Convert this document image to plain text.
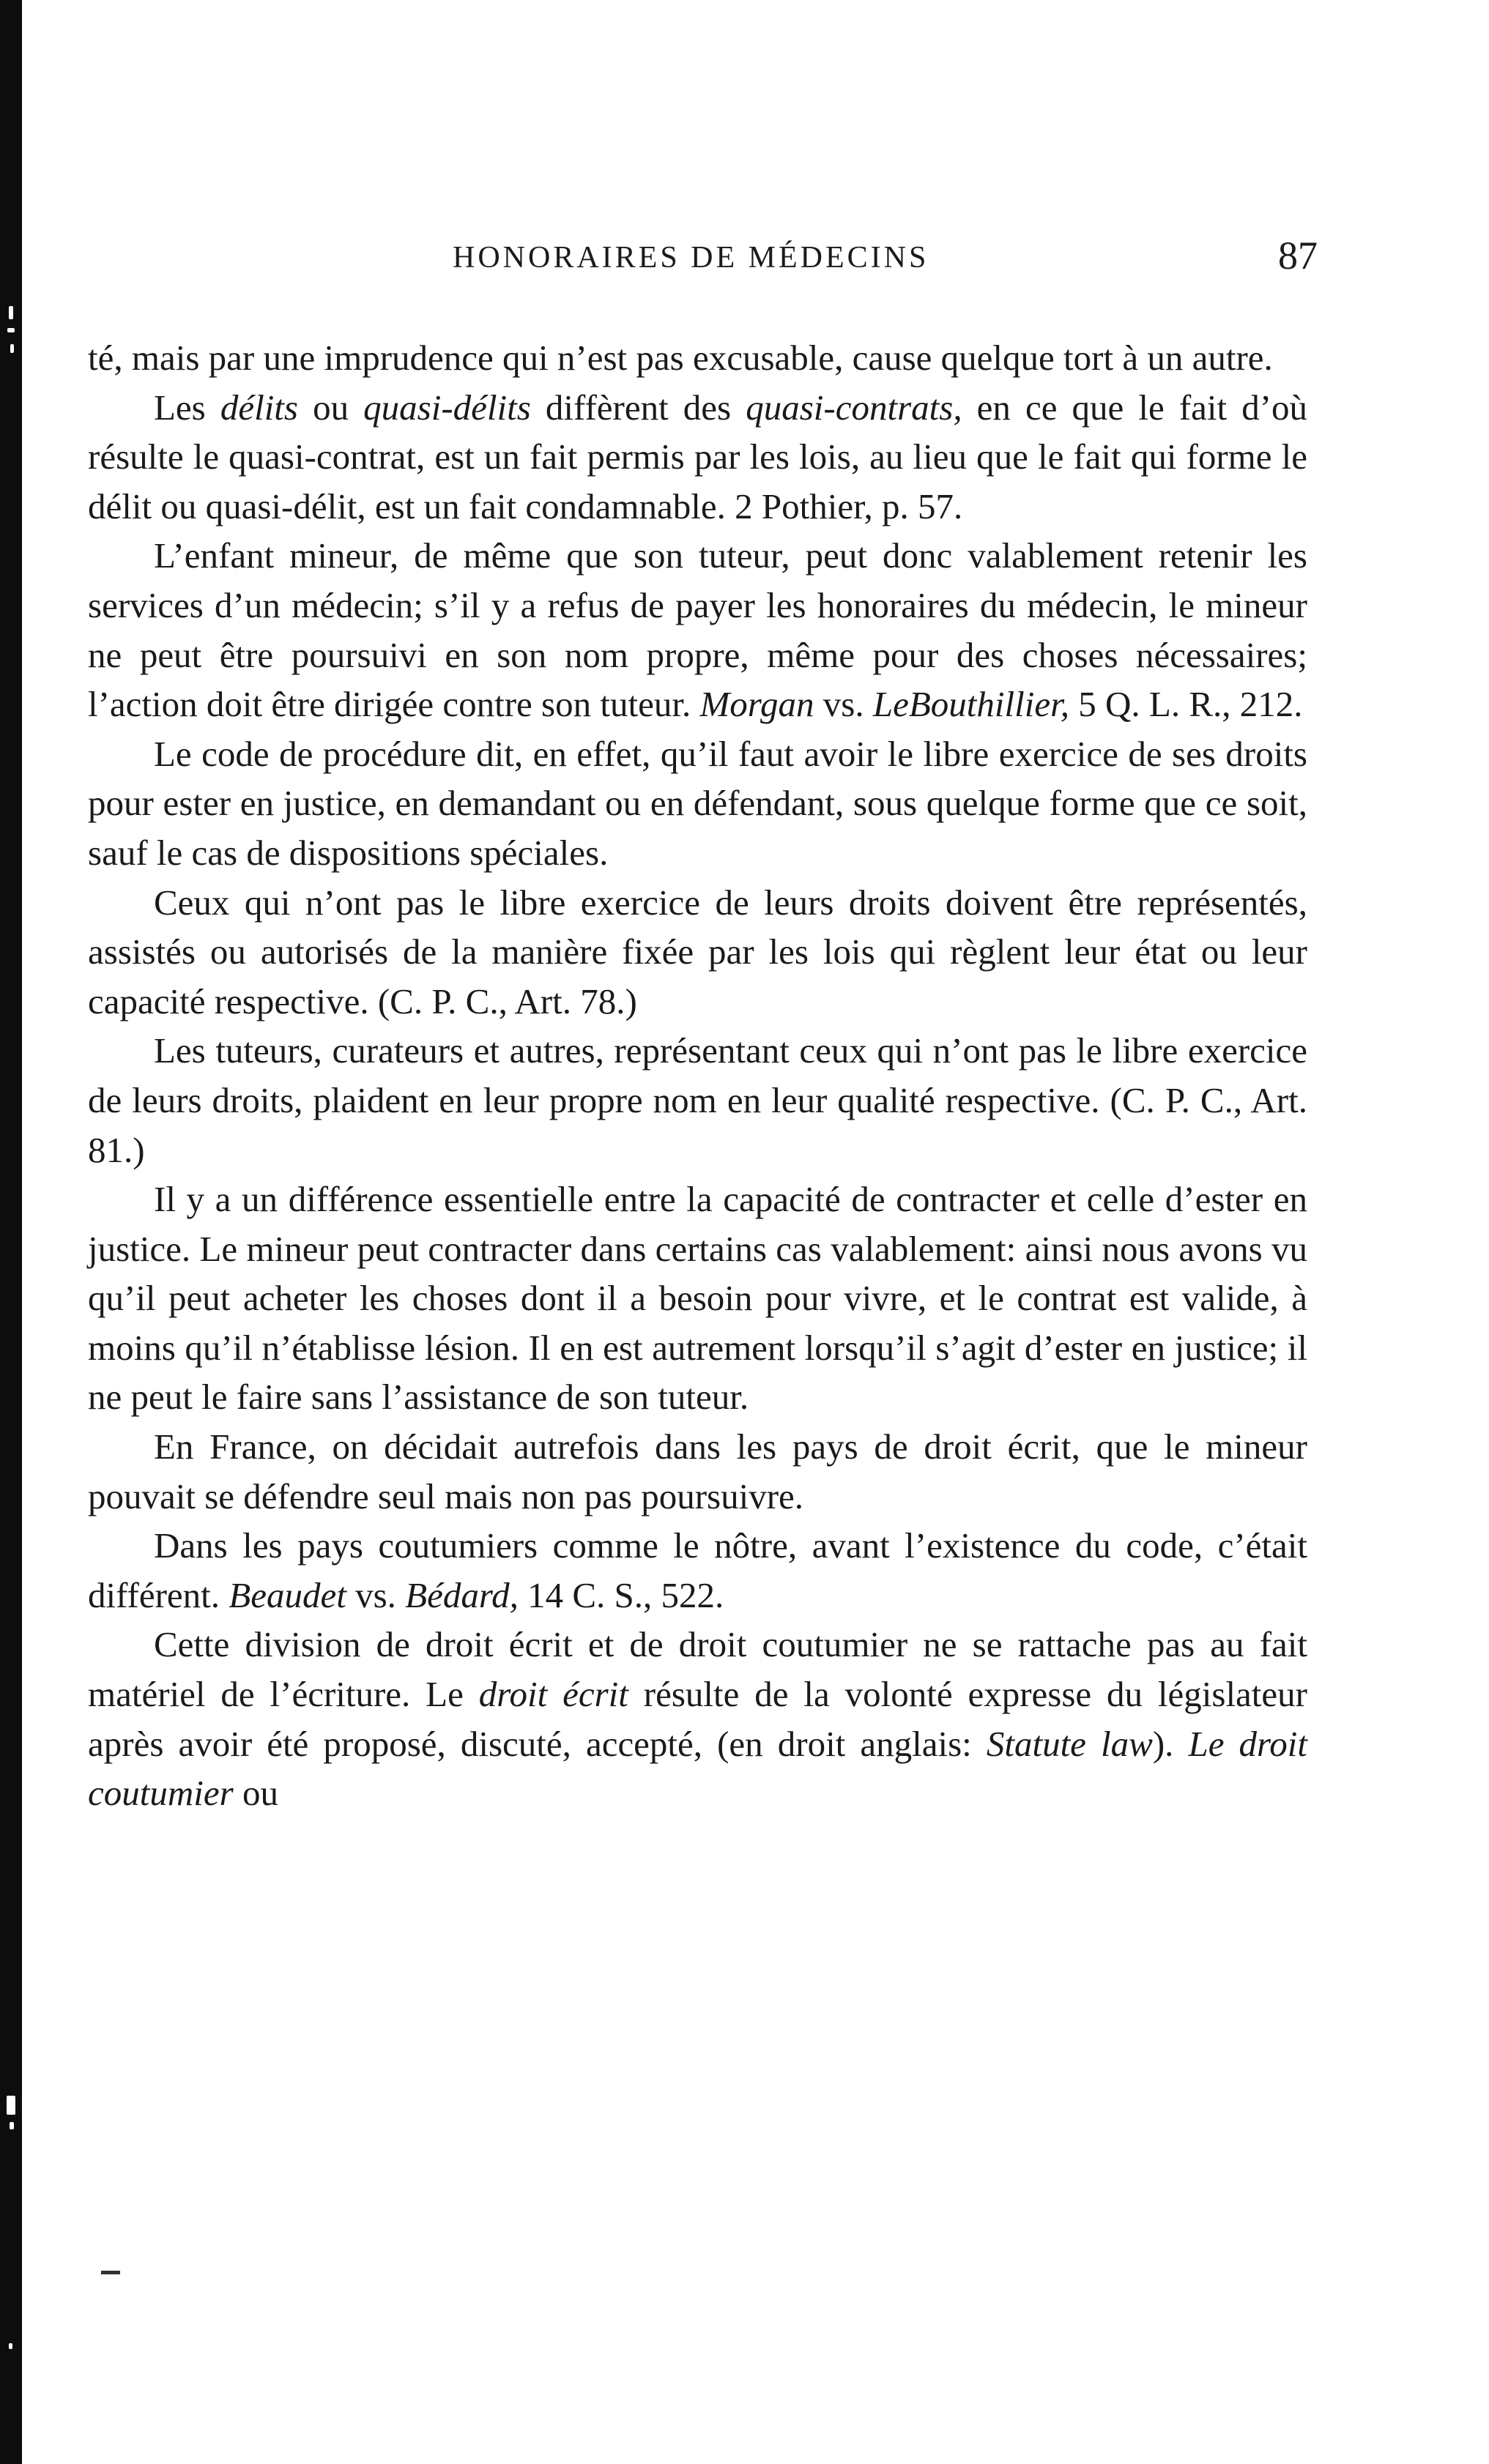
HONORAIRES DE MÉDECINS	87

té, mais par une imprudence qui n’est pas excusable, cause quelque tort à un autre.

Les délits ou quasi-délits diffèrent des quasi-contrats, en ce que le fait d’où résulte le quasi-contrat, est un fait permis par les lois, au lieu que le fait qui forme le délit ou quasi-délit, est un fait condamnable. 2 Pothier, p. 57.

L’enfant mineur, de même que son tuteur, peut donc valablement retenir les services d’un médecin; s’il y a refus de payer les honoraires du médecin, le mineur ne peut être poursuivi en son nom propre, même pour des choses nécessaires; l’action doit être dirigée contre son tuteur. Morgan vs. LeBouthillier, 5 Q. L. R., 212.

Le code de procédure dit, en effet, qu’il faut avoir le libre exercice de ses droits pour ester en justice, en demandant ou en défendant, sous quelque forme que ce soit, sauf le cas de dispositions spéciales.

Ceux qui n’ont pas le libre exercice de leurs droits doivent être représentés, assistés ou autorisés de la manière fixée par les lois qui règlent leur état ou leur capacité respective. (C. P. C., Art. 78.)

Les tuteurs, curateurs et autres, représentant ceux qui n’ont pas le libre exercice de leurs droits, plaident en leur propre nom en leur qualité respective. (C. P. C., Art. 81.)

Il y a un différence essentielle entre la capacité de contracter et celle d’ester en justice. Le mineur peut contracter dans certains cas valablement: ainsi nous avons vu qu’il peut acheter les choses dont il a besoin pour vivre, et le contrat est valide, à moins qu’il n’établisse lésion. Il en est autrement lorsqu’il s’agit d’ester en justice; il ne peut le faire sans l’assistance de son tuteur.

En France, on décidait autrefois dans les pays de droit écrit, que le mineur pouvait se défendre seul mais non pas poursuivre.

Dans les pays coutumiers comme le nôtre, avant l’existence du code, c’était différent. Beaudet vs. Bédard, 14 C. S., 522.

Cette division de droit écrit et de droit coutumier ne se rattache pas au fait matériel de l’écriture. Le droit écrit résulte de la volonté expresse du législateur après avoir été proposé, discuté, accepté, (en droit anglais: Statute law). Le droit coutumier ou
